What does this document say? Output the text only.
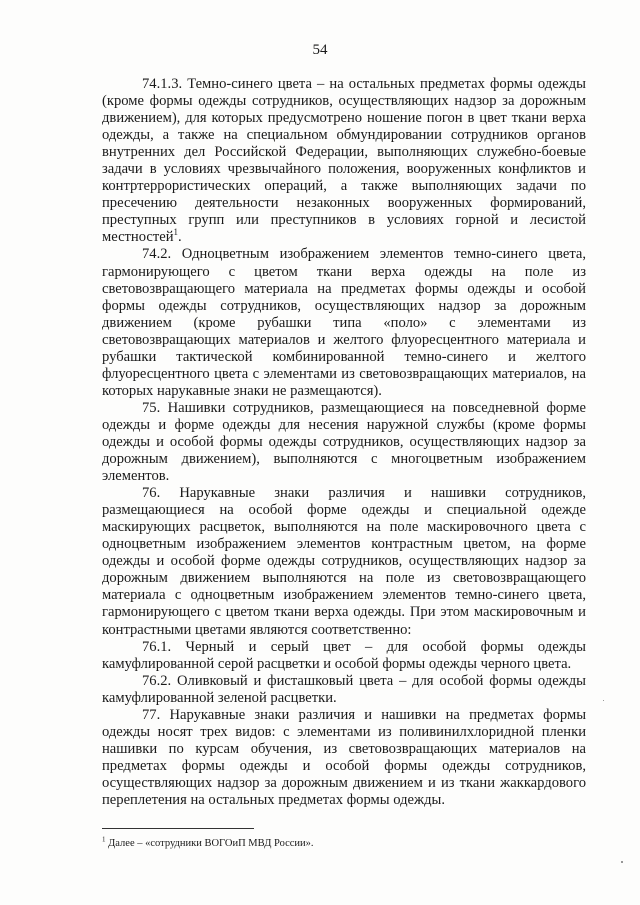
54

74.1.3. Темно-синего цвета – на остальных предметах формы одежды (кроме формы одежды сотрудников, осуществляющих надзор за дорожным движением), для которых предусмотрено ношение погон в цвет ткани верха одежды, а также на специальном обмундировании сотрудников органов внутренних дел Российской Федерации, выполняющих служебно-боевые задачи в условиях чрезвычайного положения, вооруженных конфликтов и контртеррористических операций, а также выполняющих задачи по пресечению деятельности незаконных вооруженных формирований, преступных групп или преступников в условиях горной и лесистой местностей$^1$.

74.2. Одноцветным изображением элементов темно-синего цвета, гармонирующего с цветом ткани верха одежды на поле из световозвращающего материала на предметах формы одежды и особой формы одежды сотрудников, осуществляющих надзор за дорожным движением (кроме рубашки типа «поло» с элементами из световозвращающих материалов и желтого флуоресцентного материала и рубашки тактической комбинированной темно-синего и желтого флуоресцентного цвета с элементами из световозвращающих материалов, на которых нарукавные знаки не размещаются).

75. Нашивки сотрудников, размещающиеся на повседневной форме одежды и форме одежды для несения наружной службы (кроме формы одежды и особой формы одежды сотрудников, осуществляющих надзор за дорожным движением), выполняются с многоцветным изображением элементов.

76. Нарукавные знаки различия и нашивки сотрудников, размещающиеся на особой форме одежды и специальной одежде маскирующих расцветок, выполняются на поле маскировочного цвета с одноцветным изображением элементов контрастным цветом, на форме одежды и особой форме одежды сотрудников, осуществляющих надзор за дорожным движением выполняются на поле из световозвращающего материала с одноцветным изображением элементов темно-синего цвета, гармонирующего с цветом ткани верха одежды. При этом маскировочным и контрастными цветами являются соответственно:

76.1. Черный и серый цвет – для особой формы одежды камуфлированной серой расцветки и особой формы одежды черного цвета.

76.2. Оливковый и фисташковый цвета – для особой формы одежды камуфлированной зеленой расцветки.

77. Нарукавные знаки различия и нашивки на предметах формы одежды носят трех видов: с элементами из поливинилхлоридной пленки нашивки по курсам обучения, из световозвращающих материалов на предметах формы одежды и особой формы одежды сотрудников, осуществляющих надзор за дорожным движением и из ткани жаккардового переплетения на остальных предметах формы одежды.

$^1$ Далее – «сотрудники ВОГОиП МВД России».
